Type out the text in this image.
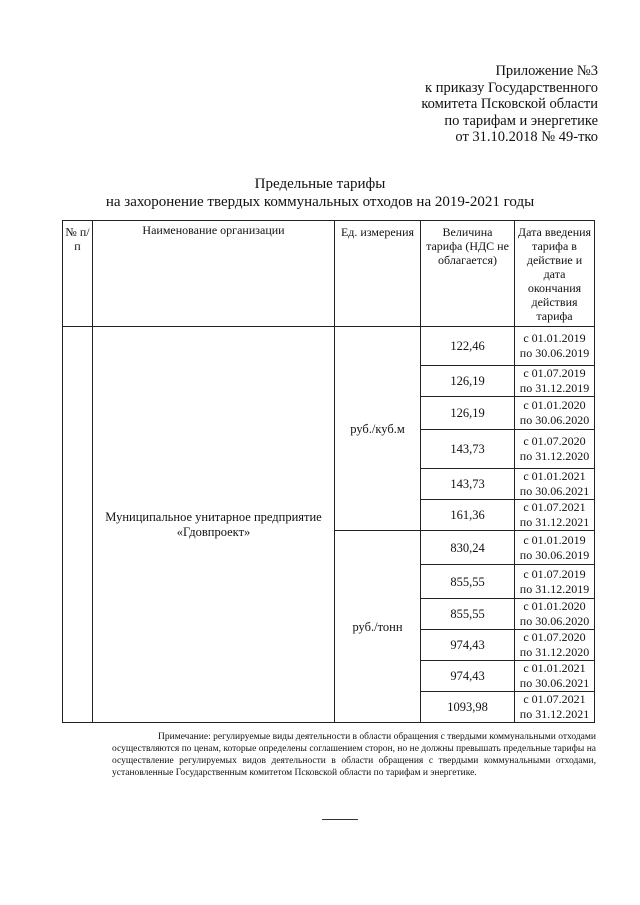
Приложение №3
к приказу Государственного
комитета Псковской области
по тарифам и энергетике
от 31.10.2018 № 49-тко
Предельные тарифы
на захоронение твердых коммунальных отходов на 2019-2021 годы
№ п/п	Наименование организации	Ед. измерения	Величина тарифа (НДС не облагается)	Дата введения тарифа в действие и дата окончания действия тарифа
	Муниципальное унитарное предприятие «Гдовпроект»	руб./куб.м	122,46	с 01.01.2019
по 30.06.2019

			126,19	с 01.07.2019
по 31.12.2019

			126,19	с 01.01.2020
по 30.06.2020

			143,73	с 01.07.2020
по 31.12.2020

			143,73	с 01.01.2021
по 30.06.2021

			161,36	с 01.07.2021
по 31.12.2021

		руб./тонн	830,24	с 01.01.2019
по 30.06.2019

			855,55	с 01.07.2019
по 31.12.2019

			855,55	с 01.01.2020
по 30.06.2020

			974,43	с 01.07.2020
по 31.12.2020

			974,43	с 01.01.2021
по 30.06.2021

			1093,98	с 01.07.2021
по 31.12.2021
Примечание: регулируемые виды деятельности в области обращения с твердыми коммунальными отходами осуществляются по ценам, которые определены соглашением сторон, но не должны превышать предельные тарифы на осуществление регулируемых видов деятельности в области обращения с твердыми коммунальными отходами, установленные Государственным комитетом Псковской области по тарифам и энергетике.
